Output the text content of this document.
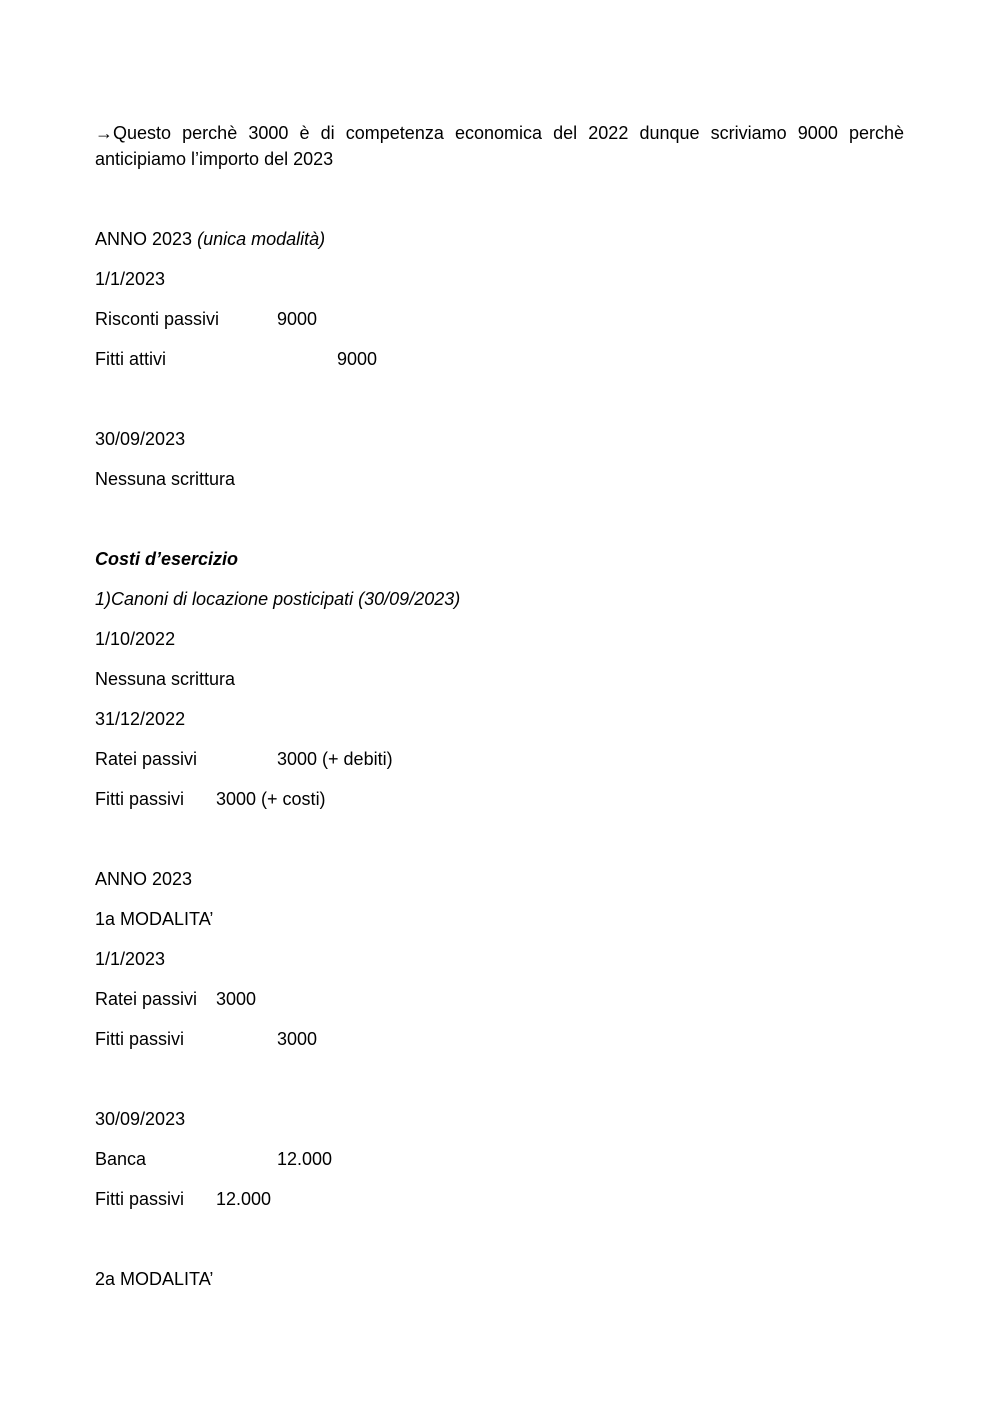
→Questo perchè 3000 è di competenza economica del 2022 dunque scriviamo 9000 perchè
anticipiamo l’importo del 2023
ANNO 2023 (unica modalità)
1/1/2023
Risconti passivi	9000
Fitti attivi	9000
30/09/2023
Nessuna scrittura
Costi d’esercizio
1)Canoni di locazione posticipati (30/09/2023)
1/10/2022
Nessuna scrittura
31/12/2022
Ratei passivi	3000 (+ debiti)
Fitti passivi 3000 (+ costi)
ANNO 2023
1a MODALITA’
1/1/2023
Ratei passivi 3000
Fitti passivi	3000
30/09/2023
Banca	12.000
Fitti passivi 12.000
2a MODALITA’
